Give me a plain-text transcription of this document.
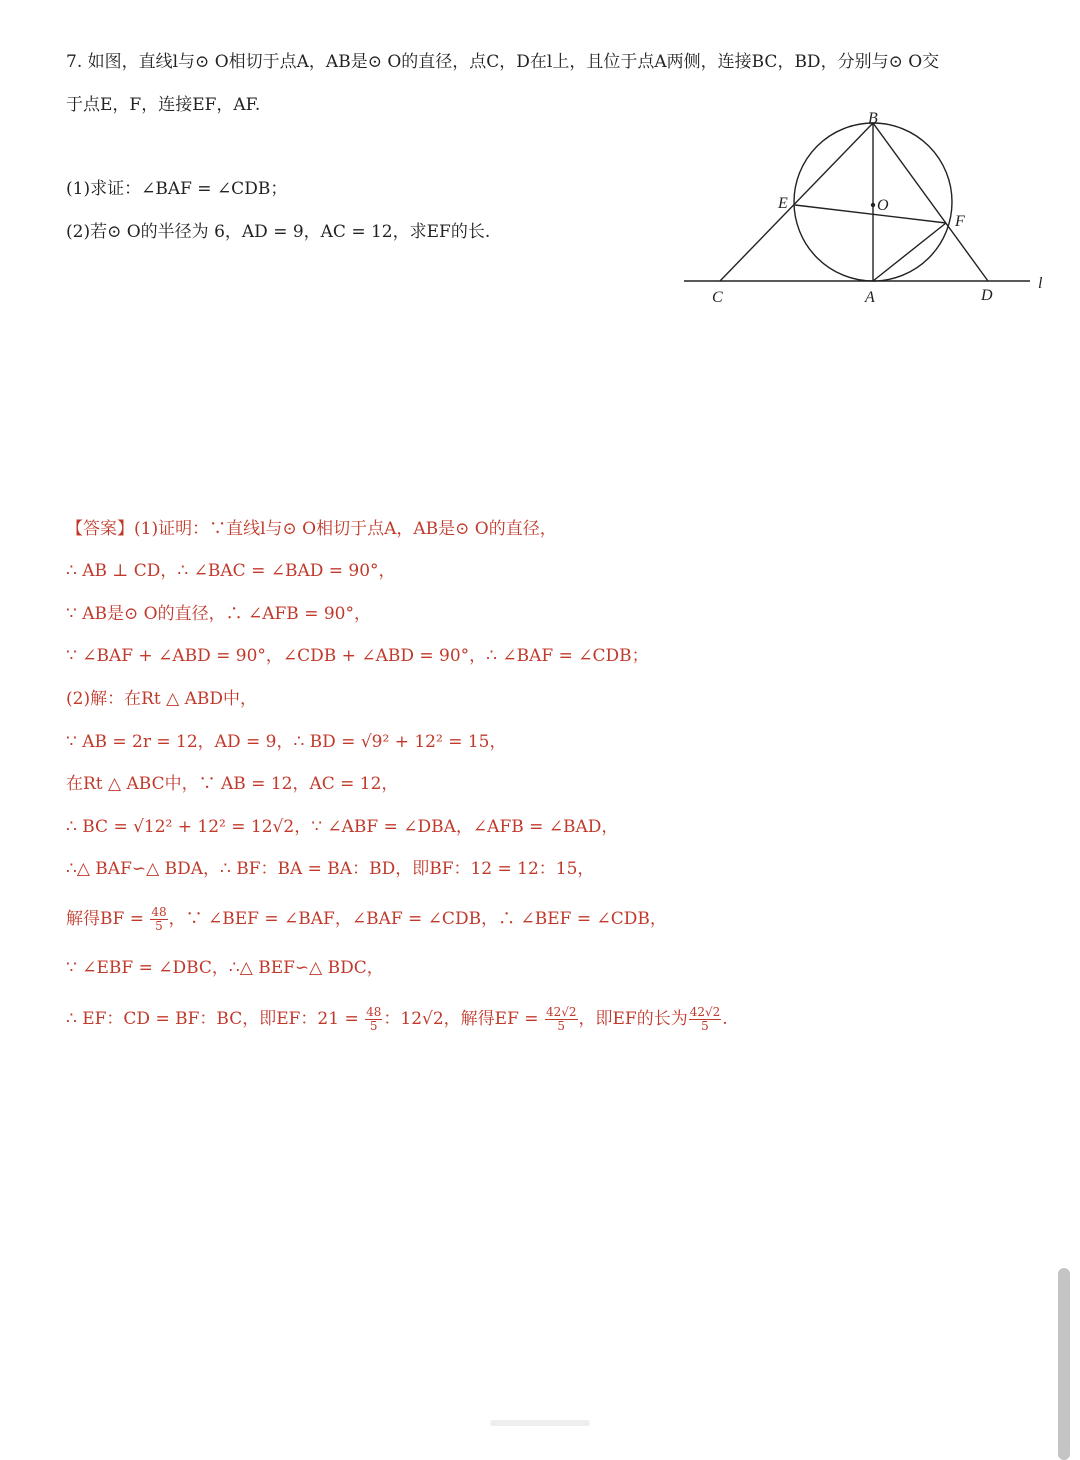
7. 如图，直线l与⊙ O相切于点A，AB是⊙ O的直径，点C，D在l上，且位于点A两侧，连接BC，BD，分别与⊙ O交
于点E，F，连接EF，AF.
(1)求证：∠BAF = ∠CDB；
(2)若⊙ O的半径为 6，AD = 9，AC = 12，求EF的长.
B
E	O
F
C	A	D
l
【答案】(1)证明：∵直线l与⊙ O相切于点A，AB是⊙ O的直径，
∴ AB ⊥ CD，∴ ∠BAC = ∠BAD = 90°，
∵ AB是⊙ O的直径，∴ ∠AFB = 90°，
∵ ∠BAF + ∠ABD = 90°，∠CDB + ∠ABD = 90°，∴ ∠BAF = ∠CDB；
(2)解：在Rt △ ABD中，
∵ AB = 2r = 12，AD = 9，∴ BD = √9² + 12² = 15，
在Rt △ ABC中，∵ AB = 12，AC = 12，
∴ BC = √12² + 12² = 12√2，∵ ∠ABF = ∠DBA，∠AFB = ∠BAD，
∴△ BAF∽△ BDA，∴ BF：BA = BA：BD，即BF：12 = 12：15，
解得BF = $\frac{48}{5}$ ，∵ ∠BEF = ∠BAF，∠BAF = ∠CDB，∴ ∠BEF = ∠CDB，
∵ ∠EBF = ∠DBC，∴△ BEF∽△ BDC，
∴ EF：CD = BF：BC，即EF：$21 = \frac{48}{5}$ ：12√2，解得EF = $\frac{42√2}{5}$ ，即EF的长为 $\frac{42√2}{5}$ .
